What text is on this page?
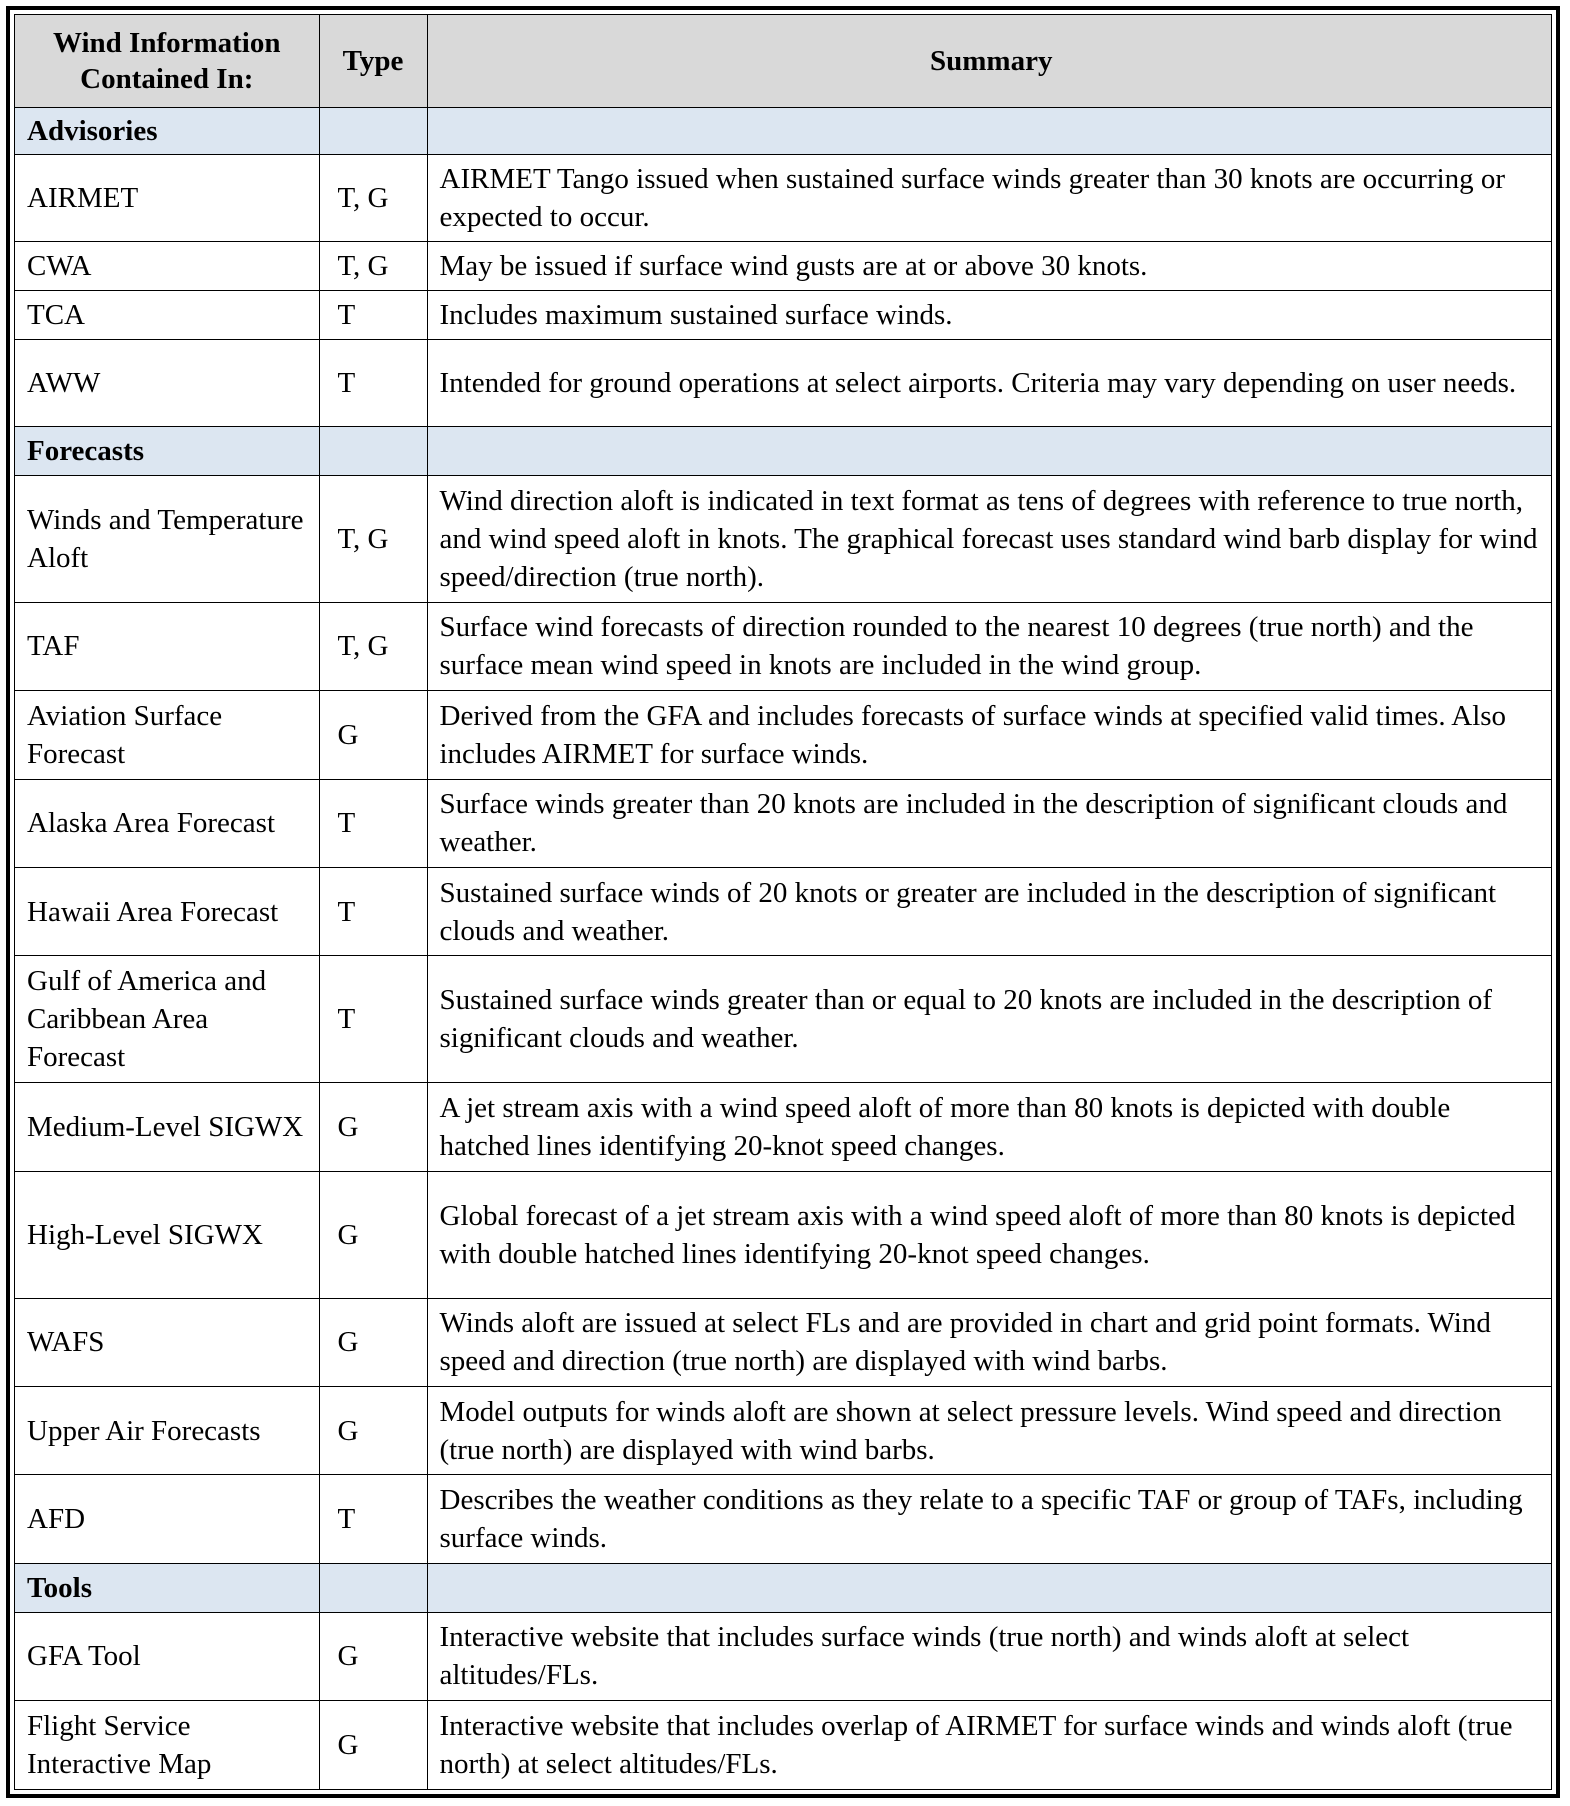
Wind Information Contained In:	Type	Summary
Advisories		
AIRMET	T, G	AIRMET Tango issued when sustained surface winds greater than 30 knots are occurring or expected to occur.
CWA	T, G	May be issued if surface wind gusts are at or above 30 knots.
TCA	T	Includes maximum sustained surface winds.
AWW	T	Intended for ground operations at select airports. Criteria may vary depending on user needs.
Forecasts		
Winds and Temperature Aloft	T, G	Wind direction aloft is indicated in text format as tens of degrees with reference to true north, and wind speed aloft in knots. The graphical forecast uses standard wind barb display for wind speed/direction (true north).
TAF	T, G	Surface wind forecasts of direction rounded to the nearest 10 degrees (true north) and the surface mean wind speed in knots are included in the wind group.
Aviation Surface Forecast	G	Derived from the GFA and includes forecasts of surface winds at specified valid times. Also includes AIRMET for surface winds.
Alaska Area Forecast	T	Surface winds greater than 20 knots are included in the description of significant clouds and weather.
Hawaii Area Forecast	T	Sustained surface winds of 20 knots or greater are included in the description of significant clouds and weather.
Gulf of America and Caribbean Area Forecast	T	Sustained surface winds greater than or equal to 20 knots are included in the description of significant clouds and weather.
Medium-Level SIGWX	G	A jet stream axis with a wind speed aloft of more than 80 knots is depicted with double hatched lines identifying 20-knot speed changes.
High-Level SIGWX	G	Global forecast of a jet stream axis with a wind speed aloft of more than 80 knots is depicted with double hatched lines identifying 20-knot speed changes.
WAFS	G	Winds aloft are issued at select FLs and are provided in chart and grid point formats. Wind speed and direction (true north) are displayed with wind barbs.
Upper Air Forecasts	G	Model outputs for winds aloft are shown at select pressure levels. Wind speed and direction (true north) are displayed with wind barbs.
AFD	T	Describes the weather conditions as they relate to a specific TAF or group of TAFs, including surface winds.
Tools		
GFA Tool	G	Interactive website that includes surface winds (true north) and winds aloft at select altitudes/FLs.
Flight Service Interactive Map	G	Interactive website that includes overlap of AIRMET for surface winds and winds aloft (true north) at select altitudes/FLs.
